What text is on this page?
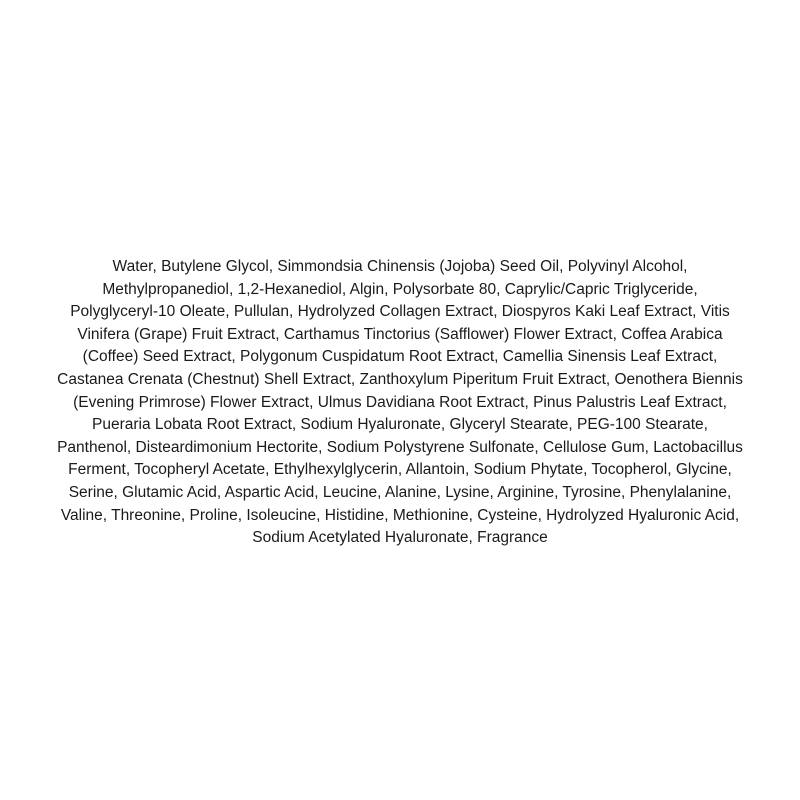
Water, Butylene Glycol, Simmondsia Chinensis (Jojoba) Seed Oil, Polyvinyl Alcohol,
Methylpropanediol, 1,2-Hexanediol, Algin, Polysorbate 80, Caprylic/Capric Triglyceride,
Polyglyceryl-10 Oleate, Pullulan, Hydrolyzed Collagen Extract, Diospyros Kaki Leaf Extract, Vitis
Vinifera (Grape) Fruit Extract, Carthamus Tinctorius (Safflower) Flower Extract, Coffea Arabica
(Coffee) Seed Extract, Polygonum Cuspidatum Root Extract, Camellia Sinensis Leaf Extract,
Castanea Crenata (Chestnut) Shell Extract, Zanthoxylum Piperitum Fruit Extract, Oenothera Biennis
(Evening Primrose) Flower Extract, Ulmus Davidiana Root Extract, Pinus Palustris Leaf Extract,
Pueraria Lobata Root Extract, Sodium Hyaluronate, Glyceryl Stearate, PEG-100 Stearate,
Panthenol, Disteardimonium Hectorite, Sodium Polystyrene Sulfonate, Cellulose Gum, Lactobacillus
Ferment, Tocopheryl Acetate, Ethylhexylglycerin, Allantoin, Sodium Phytate, Tocopherol, Glycine,
Serine, Glutamic Acid, Aspartic Acid, Leucine, Alanine, Lysine, Arginine, Tyrosine, Phenylalanine,
Valine, Threonine, Proline, Isoleucine, Histidine, Methionine, Cysteine, Hydrolyzed Hyaluronic Acid,
Sodium Acetylated Hyaluronate, Fragrance
